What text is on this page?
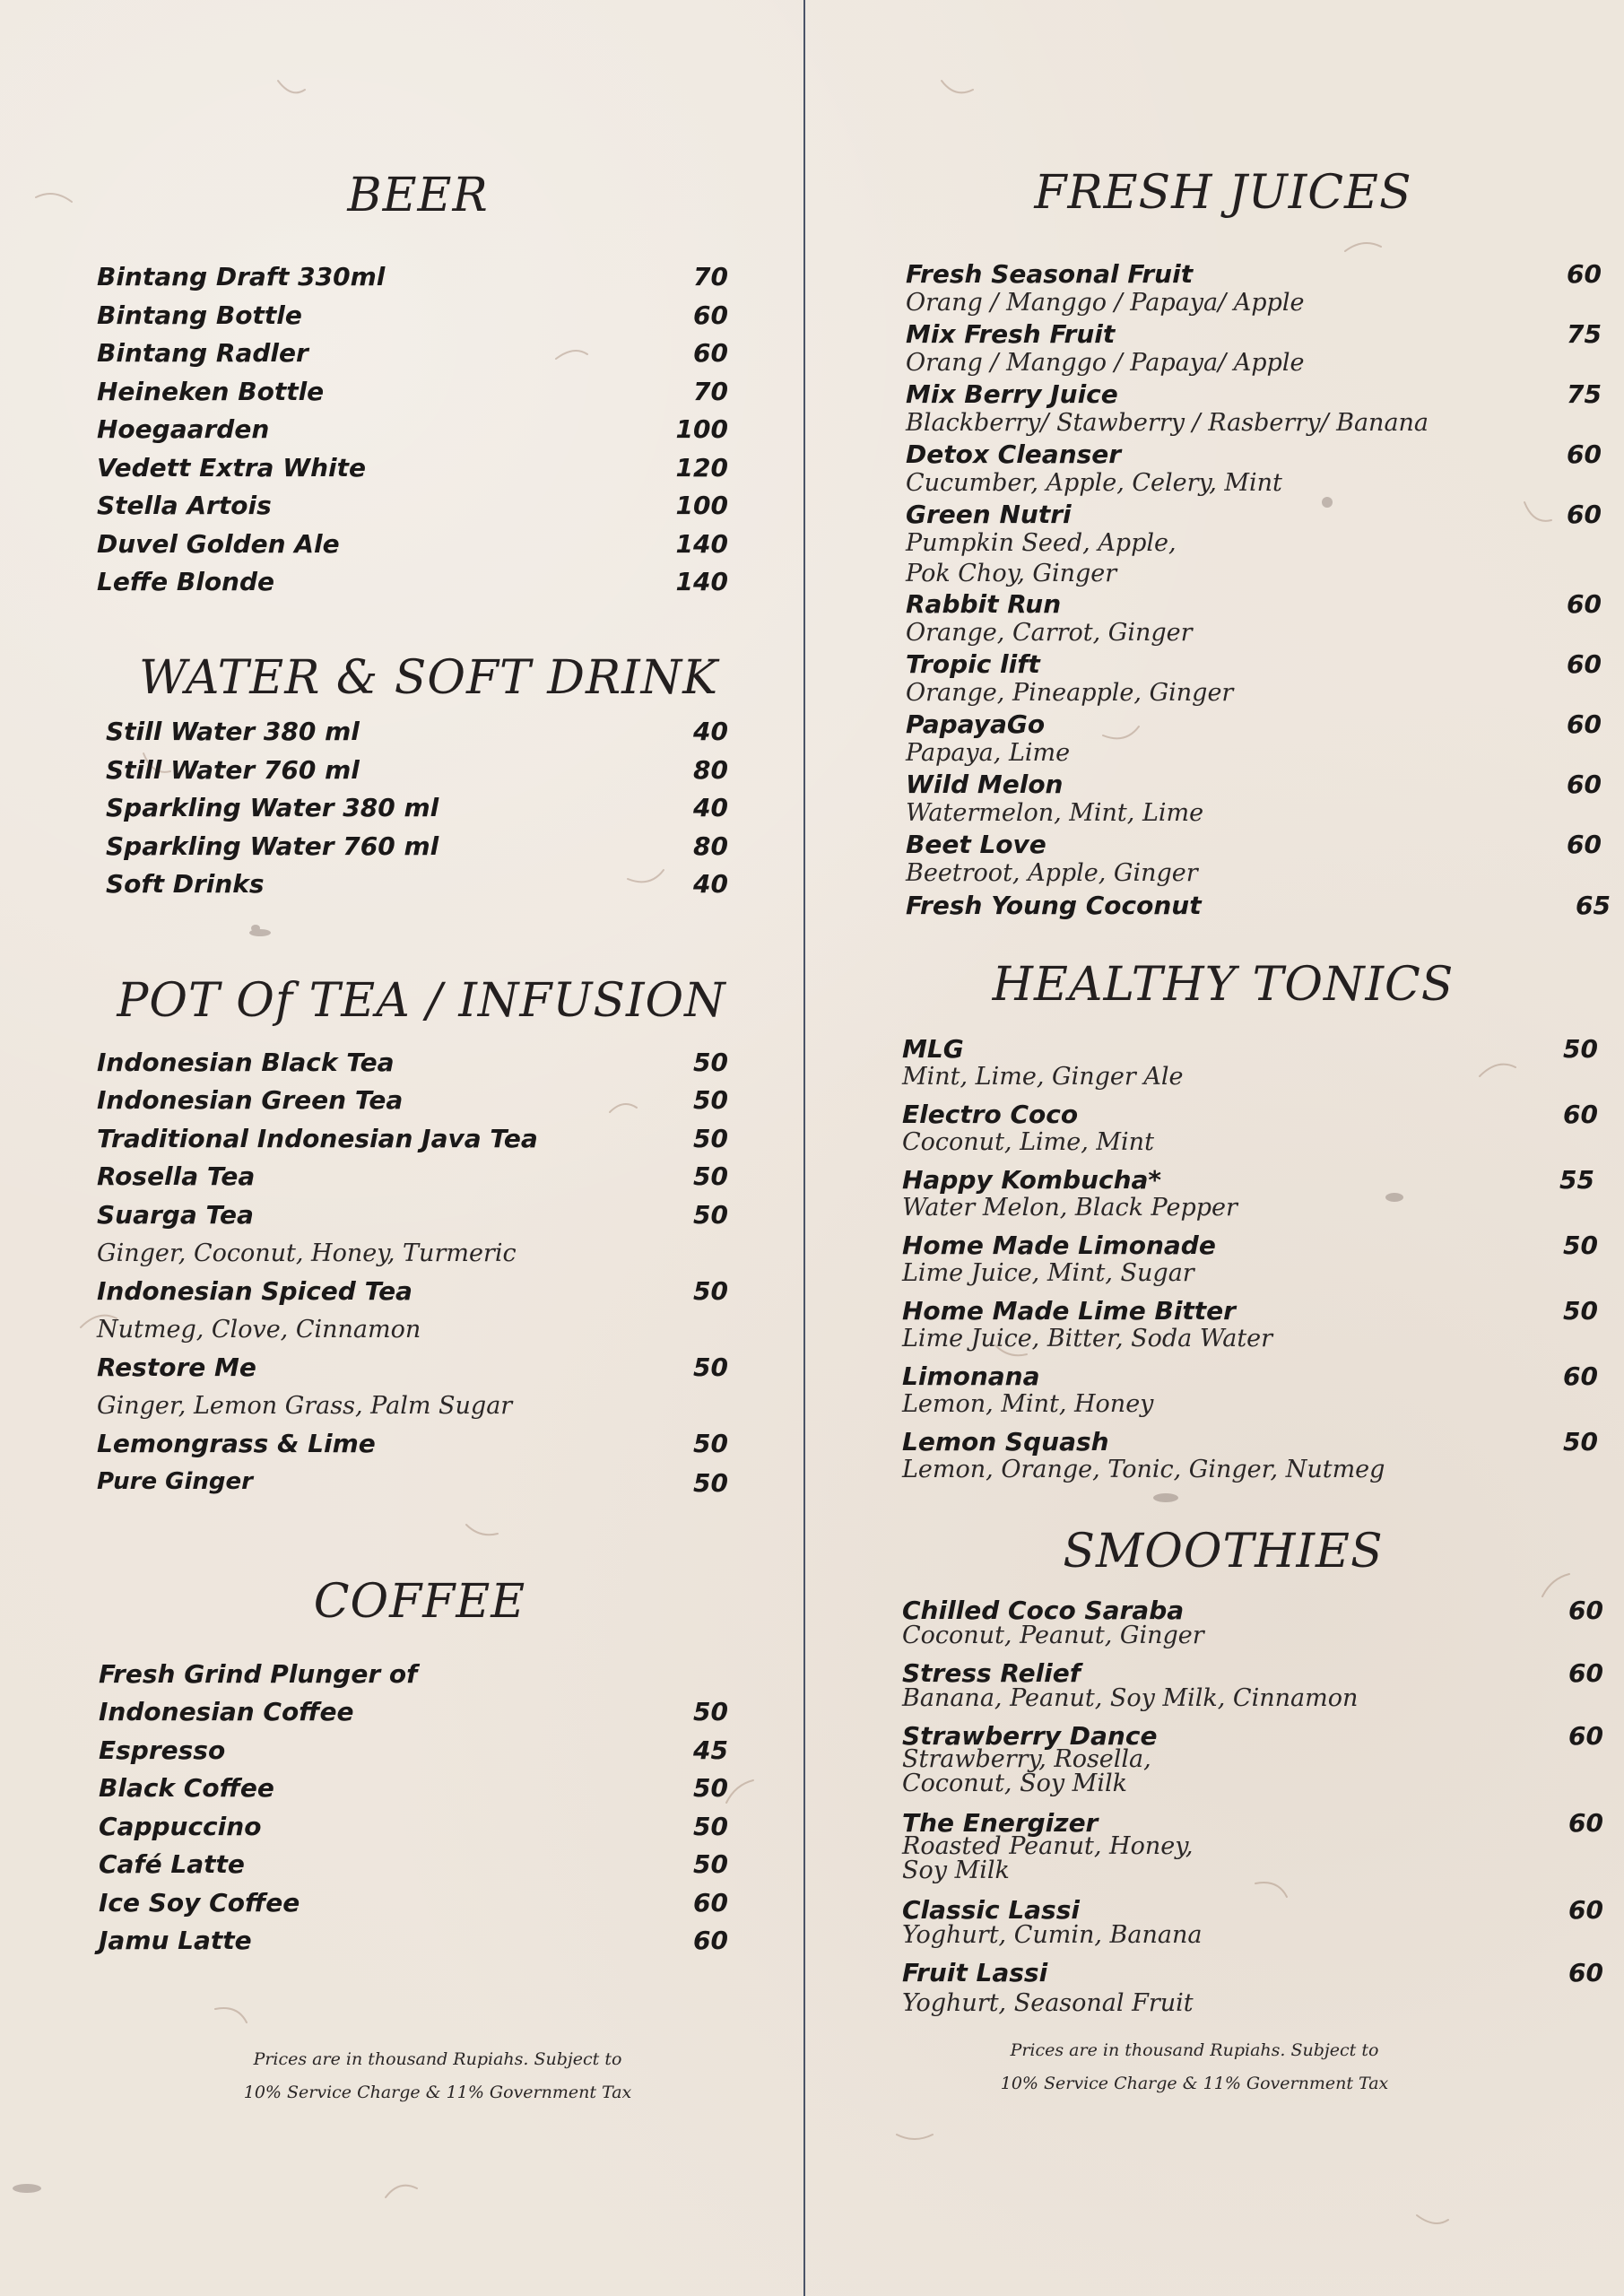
BEER
Bintang Draft 330ml	70
Bintang Bottle	60
Bintang Radler	60
Heineken Bottle	70
Hoegaarden	100
Vedett Extra White	120
Stella Artois	100
Duvel Golden Ale	140
Leffe Blonde	140
WATER & SOFT DRINK
Still Water 380 ml	40
Still Water 760 ml	80
Sparkling Water 380 ml	40
Sparkling Water 760 ml	80
Soft Drinks	40
POT Of TEA / INFUSION
Indonesian Black Tea	50
Indonesian Green Tea	50
Traditional Indonesian Java Tea	50
Rosella Tea	50
Suarga Tea	50
Ginger, Coconut, Honey, Turmeric
Indonesian Spiced Tea	50
Nutmeg, Clove, Cinnamon
Restore Me	50
Ginger, Lemon Grass, Palm Sugar
Lemongrass & Lime	50
Pure Ginger	50
COFFEE
Fresh Grind Plunger of
Indonesian Coffee	50
Espresso	45
Black Coffee	50
Cappuccino	50
Café Latte	50
Ice Soy Coffee	60
Jamu Latte	60
Prices are in thousand Rupiahs. Subject to
10% Service Charge & 11% Government Tax
FRESH JUICES
Fresh Seasonal Fruit	60
Orang / Manggo / Papaya/ Apple
Mix Fresh Fruit	75
Orang / Manggo / Papaya/ Apple
Mix Berry Juice	75
Blackberry/ Stawberry / Rasberry/ Banana
Detox Cleanser	60
Cucumber, Apple, Celery, Mint
Green Nutri	60
Pumpkin Seed, Apple,
Pok Choy, Ginger
Rabbit Run	60
Orange, Carrot, Ginger
Tropic lift	60
Orange, Pineapple, Ginger
PapayaGo	60
Papaya, Lime
Wild Melon	60
Watermelon, Mint, Lime
Beet Love	60
Beetroot, Apple, Ginger
Fresh Young Coconut	65
HEALTHY TONICS
MLG	50
Mint, Lime, Ginger Ale
Electro Coco	60
Coconut, Lime, Mint
Happy Kombucha*	55
Water Melon, Black Pepper
Home Made Limonade	50
Lime Juice, Mint, Sugar
Home Made Lime Bitter	50
Lime Juice, Bitter, Soda Water
Limonana	60
Lemon, Mint, Honey
Lemon Squash	50
Lemon, Orange, Tonic, Ginger, Nutmeg
SMOOTHIES
Chilled Coco Saraba	60
Coconut, Peanut, Ginger
Stress Relief	60
Banana, Peanut, Soy Milk, Cinnamon
Strawberry Dance	60
Strawberry, Rosella,
Coconut, Soy Milk
The Energizer	60
Roasted Peanut, Honey,
Soy Milk
Classic Lassi	60
Yoghurt, Cumin, Banana
Fruit Lassi	60
Yoghurt, Seasonal Fruit
Prices are in thousand Rupiahs. Subject to
10% Service Charge & 11% Government Tax
